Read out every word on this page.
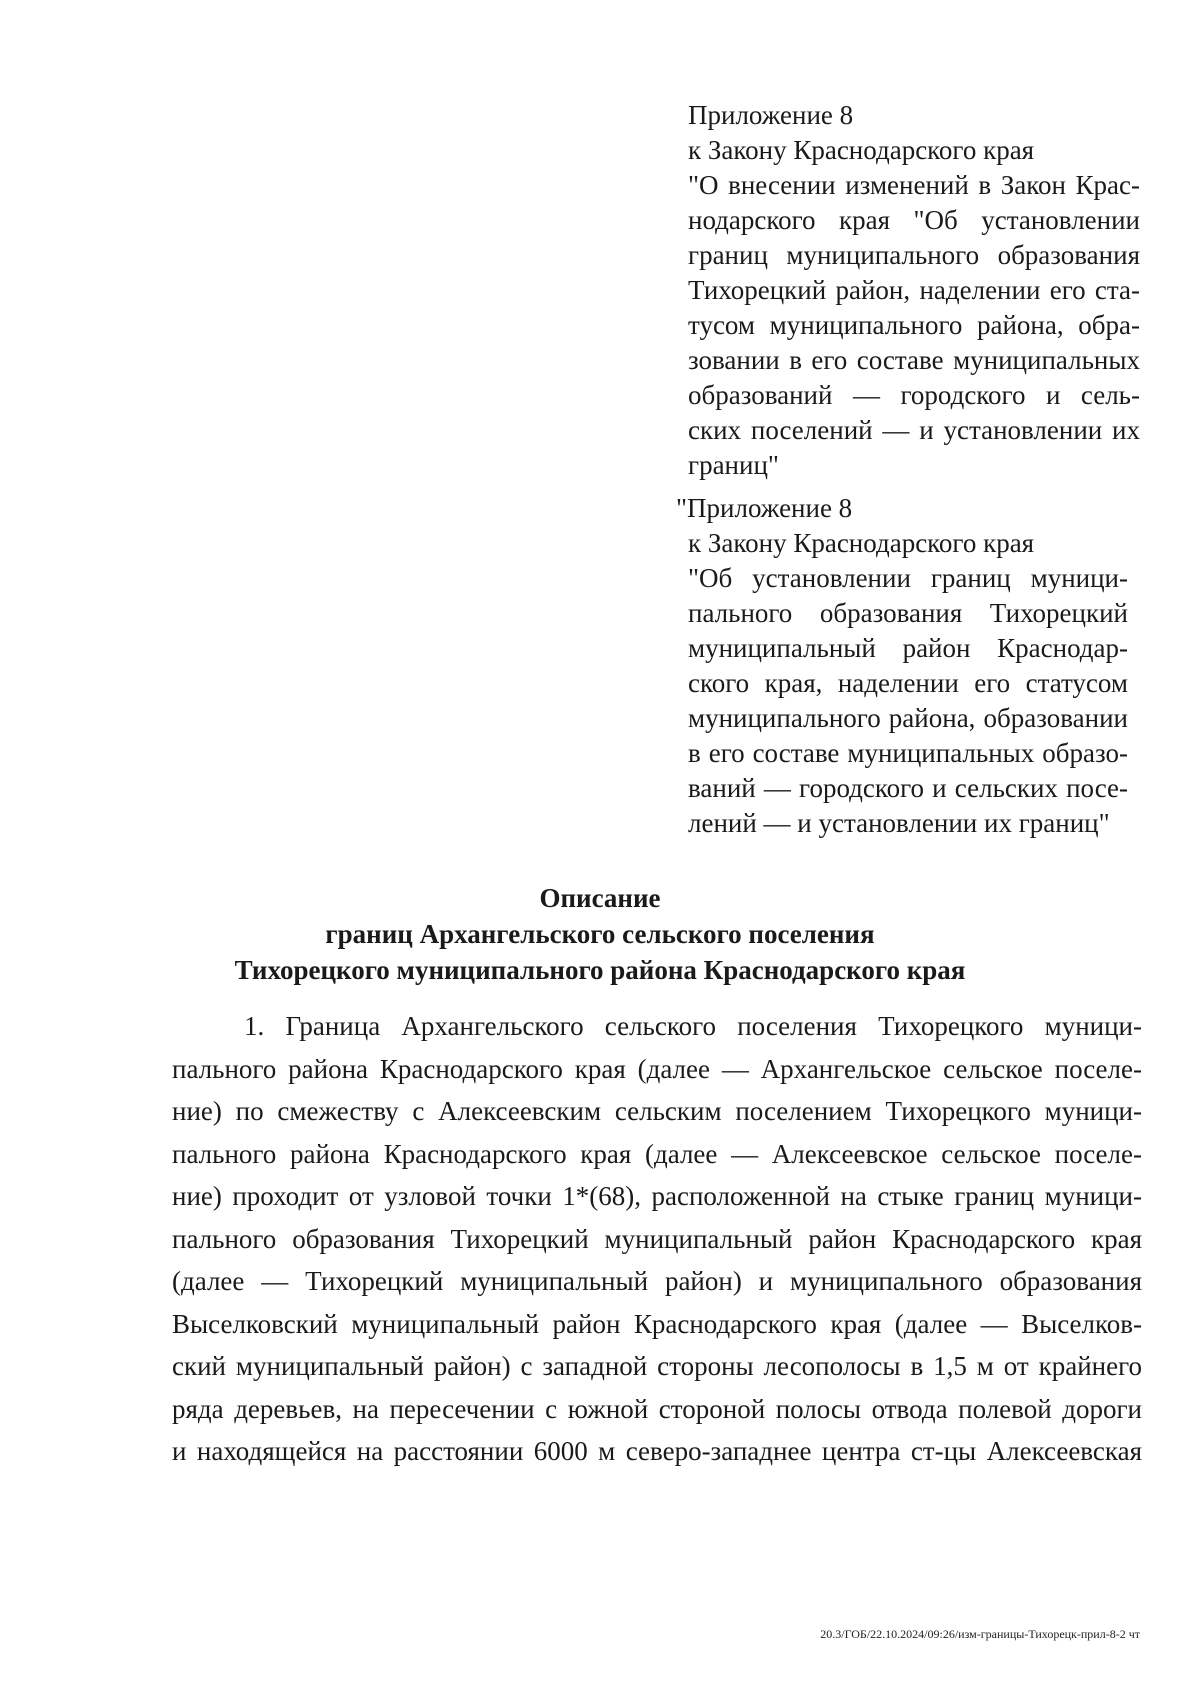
Приложение 8
к Закону Краснодарского края
"О внесении изменений в Закон Крас-
нодарского края "Об установлении
границ муниципального образования
Тихорецкий район, наделении его ста-
тусом муниципального района, обра-
зовании в его составе муниципальных
образований — городского и сель-
ских поселений — и установлении их
границ"
"Приложение 8
к Закону Краснодарского края
"Об установлении границ муници-
пального образования Тихорецкий
муниципальный район Краснодар-
ского края, наделении его статусом
муниципального района, образовании
в его составе муниципальных образо-
ваний — городского и сельских посе-
лений — и установлении их границ"
Описание
границ Архангельского сельского поселения
Тихорецкого муниципального района Краснодарского края
1. Граница Архангельского сельского поселения Тихорецкого муници-
пального района Краснодарского края (далее — Архангельское сельское поселе-
ние) по смежеству с Алексеевским сельским поселением Тихорецкого муници-
пального района Краснодарского края (далее — Алексеевское сельское поселе-
ние) проходит от узловой точки 1*(68), расположенной на стыке границ муници-
пального образования Тихорецкий муниципальный район Краснодарского края
(далее — Тихорецкий муниципальный район) и муниципального образования
Выселковский муниципальный район Краснодарского края (далее — Выселков-
ский муниципальный район) с западной стороны лесополосы в 1,5 м от крайнего
ряда деревьев, на пересечении с южной стороной полосы отвода полевой дороги
и находящейся на расстоянии 6000 м северо-западнее центра ст-цы Алексеевская
20.3/ГОБ/22.10.2024/09:26/изм-границы-Тихорецк-прил-8-2 чт
